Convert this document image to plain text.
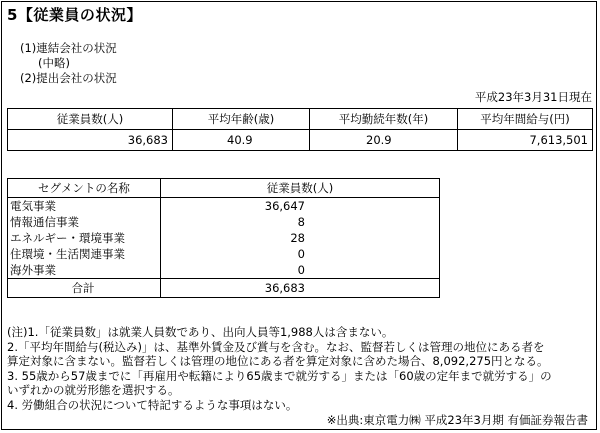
5【従業員の状況】
(1)連結会社の状況
(中略)
(2)提出会社の状況
平成23年3月31日現在
従業員数(人)	平均年齢(歳)	平均勤続年数(年)	平均年間給与(円)
36,683	40.9	20.9	7,613,501
セグメントの名称	従業員数(人)
電気事業	36,647
情報通信事業	8
エネルギー・環境事業	28
住環境・生活関連事業	0
海外事業	0
合計	36,683
(注)1.「従業員数」は就業人員数であり、出向人員等1,988人は含まない。
2.「平均年間給与(税込み)」は、基準外賃金及び賞与を含む。なお、監督若しくは管理の地位にある者を
算定対象に含まない。監督若しくは管理の地位にある者を算定対象に含めた場合、8,092,275円となる。
3. 55歳から57歳までに「再雇用や転籍により65歳まで就労する」または「60歳の定年まで就労する」の
いずれかの就労形態を選択する。
4. 労働組合の状況について特記するような事項はない。
※出典:東京電力㈱ 平成23年3月期 有価証券報告書
